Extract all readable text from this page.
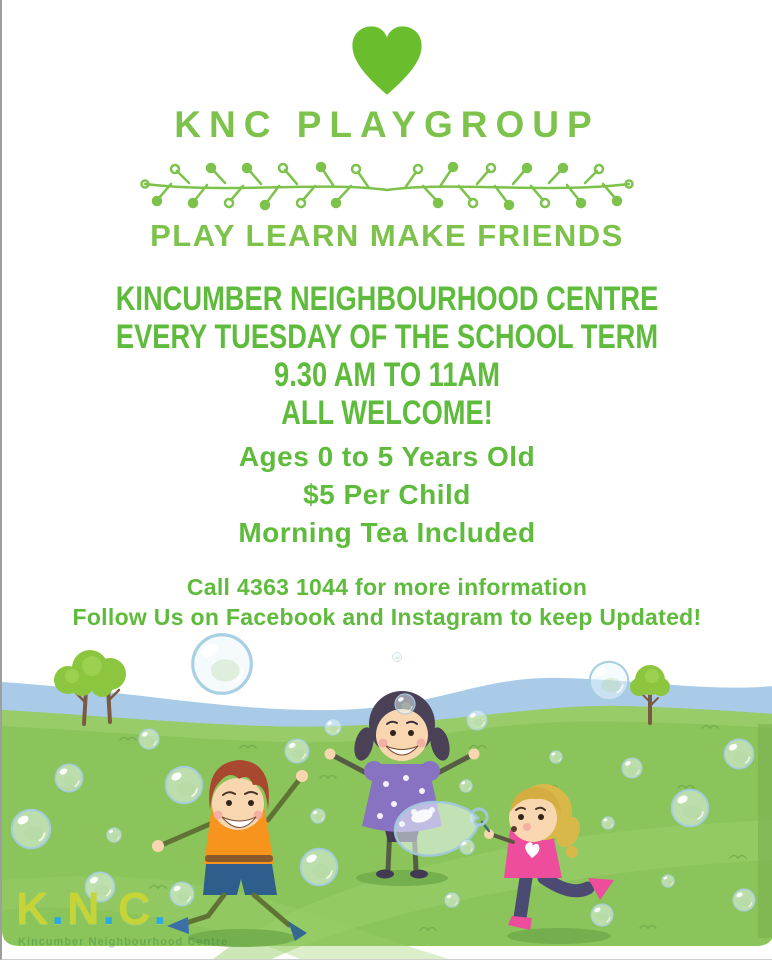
KNC PLAYGROUP
PLAY LEARN MAKE FRIENDS
KINCUMBER NEIGHBOURHOOD CENTRE
EVERY TUESDAY OF THE SCHOOL TERM
9.30 AM TO 11AM
ALL WELCOME!
Ages 0 to 5 Years Old
$5 Per Child
Morning Tea Included
Call 4363 1044 for more information
Follow Us on Facebook and Instagram to keep Updated!
K.N.C.
Kincumber Neighbourhood Centre
